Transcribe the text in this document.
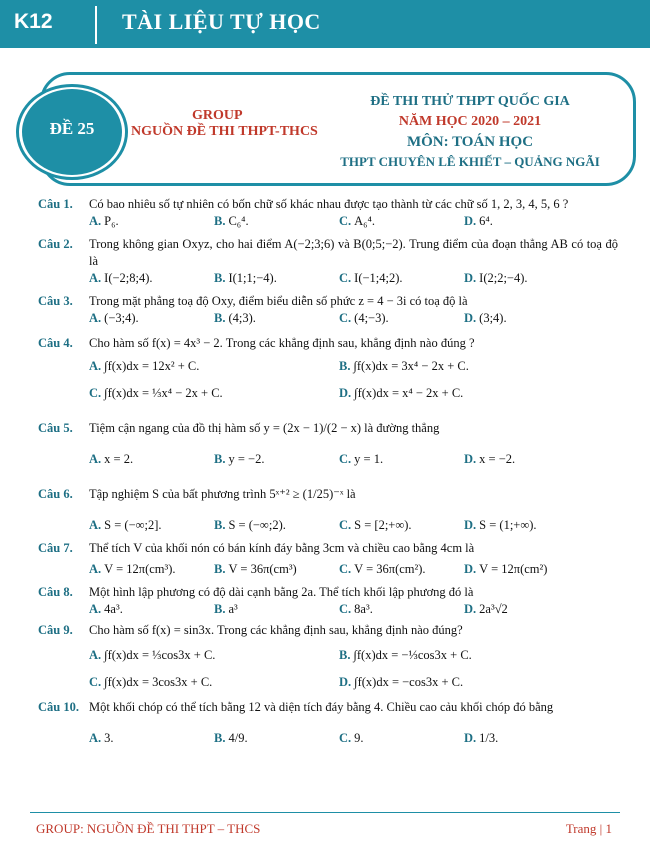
K12	TÀI LIỆU TỰ HỌC
ĐỀ 25
GROUP
NGUỒN ĐỀ THI THPT-THCS
ĐỀ THI THỬ THPT QUỐC GIA
NĂM HỌC 2020 – 2021
MÔN: TOÁN HỌC
THPT CHUYÊN LÊ KHIẾT – QUẢNG NGÃI
Câu 1. Có bao nhiêu số tự nhiên có bốn chữ số khác nhau được tạo thành từ các chữ số 1, 2, 3, 4, 5, 6 ?
A. P₆.	B. C₆⁴.	C. A₆⁴.	D. 6⁴.
Câu 2. Trong không gian Oxyz, cho hai điểm A(−2;3;6) và B(0;5;−2). Trung điểm của đoạn thẳng AB có toạ độ là
A. I(−2;8;4).	B. I(1;1;−4).	C. I(−1;4;2).	D. I(2;2;−4).
Câu 3. Trong mặt phẳng toạ độ Oxy, điểm biểu diễn số phức z = 4 − 3i có toạ độ là
A. (−3;4).	B. (4;3).	C. (4;−3).	D. (3;4).
Câu 4. Cho hàm số f(x) = 4x³ − 2. Trong các khẳng định sau, khẳng định nào đúng ?
A. ∫f(x)dx = 12x² + C.	B. ∫f(x)dx = 3x⁴ − 2x + C.
C. ∫f(x)dx = ⅓x⁴ − 2x + C.	D. ∫f(x)dx = x⁴ − 2x + C.
Câu 5. Tiệm cận ngang của đồ thị hàm số y = (2x − 1)/(2 − x) là đường thẳng
A. x = 2.	B. y = −2.	C. y = 1.	D. x = −2.
Câu 6. Tập nghiệm S của bất phương trình 5ˣ⁺² ≥ (1/25)⁻ˣ là
A. S = (−∞;2].	B. S = (−∞;2).	C. S = [2;+∞).	D. S = (1;+∞).
Câu 7. Thể tích V của khối nón có bán kính đáy bằng 3cm và chiều cao bằng 4cm là
A. V = 12π(cm³).	B. V = 36π(cm³)	C. V = 36π(cm²).	D. V = 12π(cm²)
Câu 8. Một hình lập phương có độ dài cạnh bằng 2a. Thể tích khối lập phương đó là
A. 4a³.	B. a³	C. 8a³.	D. 2a³√2
Câu 9. Cho hàm số f(x) = sin3x. Trong các khẳng định sau, khẳng định nào đúng?
A. ∫f(x)dx = ⅓cos3x + C.	B. ∫f(x)dx = −⅓cos3x + C.
C. ∫f(x)dx = 3cos3x + C.	D. ∫f(x)dx = −cos3x + C.
Câu 10. Một khối chóp có thể tích bằng 12 và diện tích đáy bằng 4. Chiều cao cảu khối chóp đó bằng
A. 3.	B. 4/9.	C. 9.	D. 1/3.
GROUP: NGUỒN ĐỀ THI THPT – THCS	Trang | 1
